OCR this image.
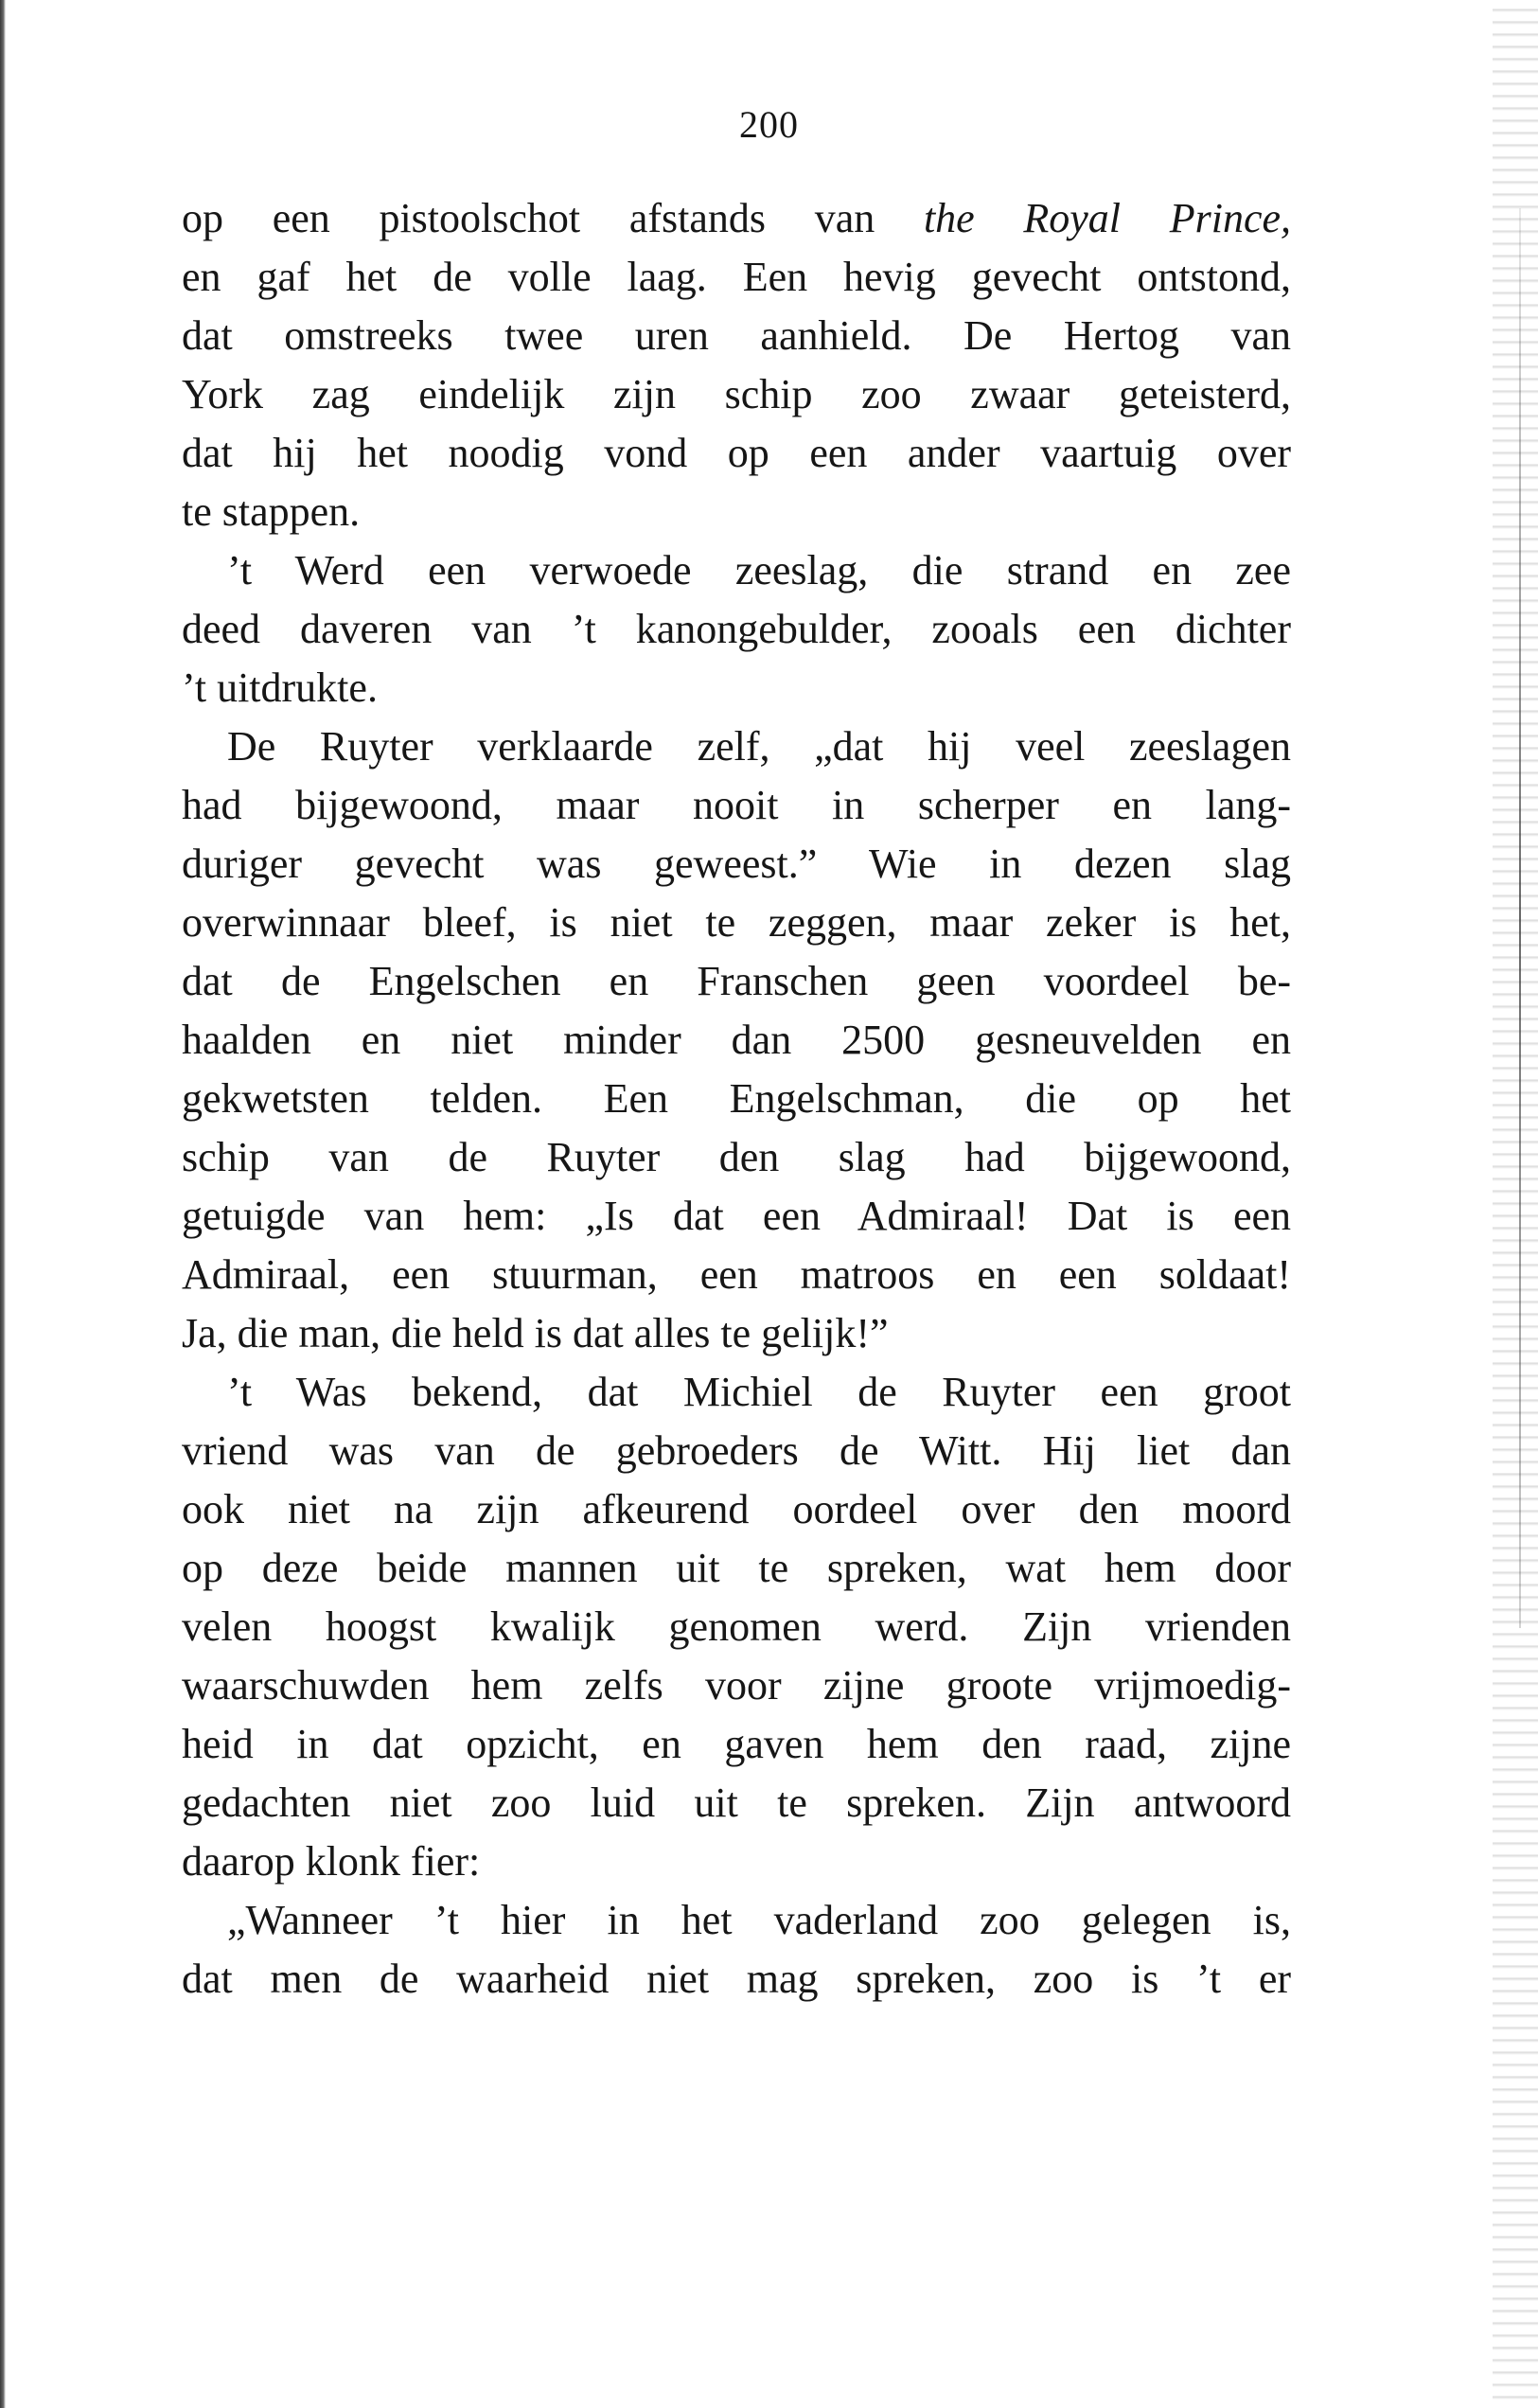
200
op een pistoolschot afstands van the Royal Prince,
en gaf het de volle laag. Een hevig gevecht ontstond,
dat omstreeks twee uren aanhield. De Hertog van
York zag eindelijk zijn schip zoo zwaar geteisterd,
dat hij het noodig vond op een ander vaartuig over
te stappen.
’t Werd een verwoede zeeslag, die strand en zee
deed daveren van ’t kanongebulder, zooals een dichter
’t uitdrukte.
De Ruyter verklaarde zelf, „dat hij veel zeeslagen
had bijgewoond, maar nooit in scherper en lang-
duriger gevecht was geweest.” Wie in dezen slag
overwinnaar bleef, is niet te zeggen, maar zeker is het,
dat de Engelschen en Franschen geen voordeel be-
haalden en niet minder dan 2500 gesneuvelden en
gekwetsten telden. Een Engelschman, die op het
schip van de Ruyter den slag had bijgewoond,
getuigde van hem: „Is dat een Admiraal! Dat is een
Admiraal, een stuurman, een matroos en een soldaat!
Ja, die man, die held is dat alles te gelijk!”
’t Was bekend, dat Michiel de Ruyter een groot
vriend was van de gebroeders de Witt. Hij liet dan
ook niet na zijn afkeurend oordeel over den moord
op deze beide mannen uit te spreken, wat hem door
velen hoogst kwalijk genomen werd. Zijn vrienden
waarschuwden hem zelfs voor zijne groote vrijmoedig-
heid in dat opzicht, en gaven hem den raad, zijne
gedachten niet zoo luid uit te spreken. Zijn antwoord
daarop klonk fier:
„Wanneer ’t hier in het vaderland zoo gelegen is,
dat men de waarheid niet mag spreken, zoo is ’t er
